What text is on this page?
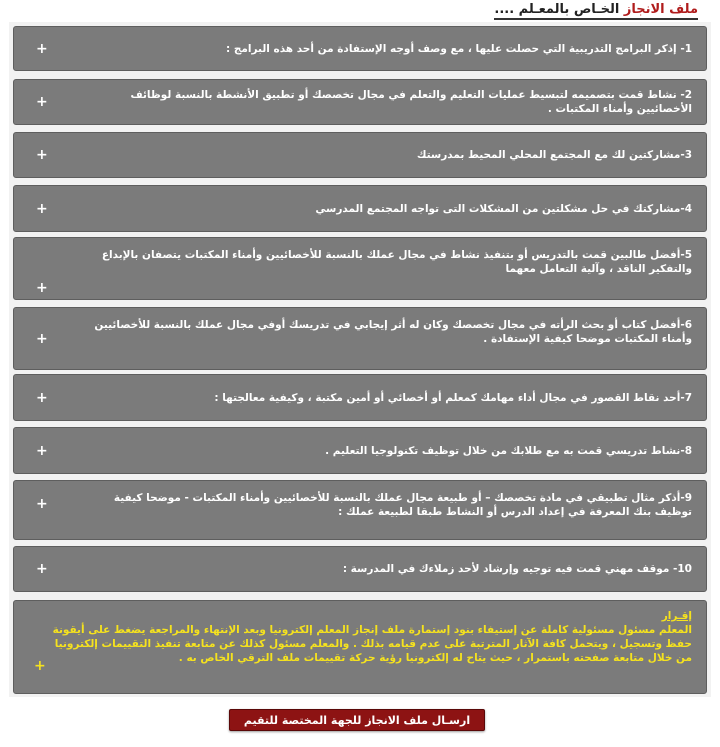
ملف الانجاز الخـاص بالمعـلم ....
1- إذكر البرامج التدريبية التي حصلت عليها ، مع وصف أوجه الإستفادة من أحد هذه البرامج :
+
2- نشاط قمت بتصميمه لتبسيط عمليات التعليم والتعلم في مجال تخصصك أو تطبيق الأنشطة بالنسبة لوظائف الأخصائيين وأمناء المكتبات .
+
3-مشاركتين لك مع المجتمع المحلي المحيط بمدرستك
+
4-مشاركتك في حل مشكلتين من المشكلات التى تواجه المجتمع المدرسي
+
5-أفضل طالبين قمت بالتدريس أو بتنفيذ نشاط في مجال عملك بالنسبة للأخصائيين وأمناء المكتبات يتصفان بالإبداع والتفكير الناقد ، وآلية التعامل معهما
+
6-أفضل كتاب أو بحث الرأته في مجال تخصصك وكان له أثر إيجابي في تدريسك أوفي مجال عملك بالنسبة للأخصائيين وأمناء المكتبات موضحا كيفية الإستفادة .
+
7-أحد نقاط القصور في مجال أداء مهامك كمعلم أو أخصائي أو أمين مكتبة ، وكيفية معالجتها :
+
8-نشاط تدريسي قمت به مع طلابك من خلال توظيف تكنولوجيا التعليم .
+
9-أذكر مثال تطبيقي في مادة تخصصك – أو طبيعة مجال عملك بالنسبة للأخصائيين وأمناء المكتبات - موضحا كيفية توظيف بنك المعرفة في إعداد الدرس أو النشاط طبقا لطبيعة عملك :
+
10- موقف مهني قمت فيه توجيه وإرشاد لأحد زملاءك في المدرسة :
+
إقـرار
المعلم مسئول مسئولية كاملة عن إستيفاء بنود إستمارة ملف إنجاز المعلم إلكترونيا وبعد الإنتهاء والمراجعة يضغط على أيقونة حفظ وتسجيل ، ويتحمل كافة الآثار المترتبة على عدم قيامه بذلك . والمعلم مسئول كذلك عن متابعة تنفيذ التقييمات إلكترونيا من خلال متابعة صفحته باستمرار ، حيث يتاح له إلكترونيا رؤية حركة تقييمات ملف الترقي الخاص به .
+
ارسـال ملف الانجاز للجهة المختصة للتقيم
